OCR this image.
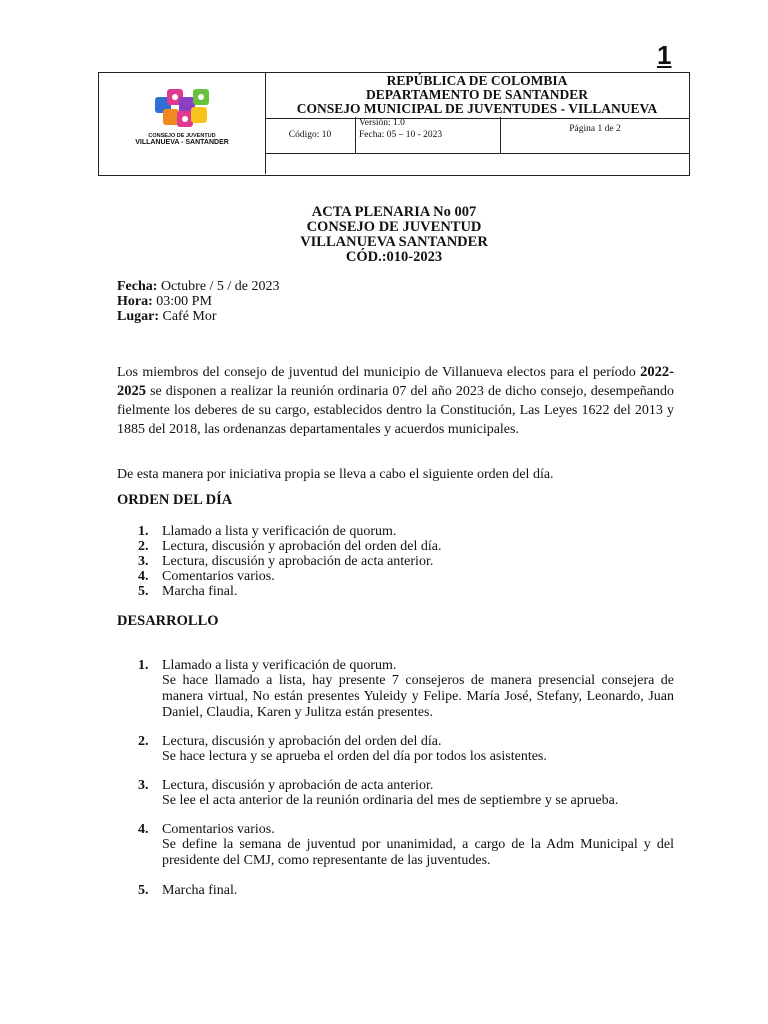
1
CONSEJO DE JUVENTUD
VILLANUEVA - SANTANDER
REPÚBLICA DE COLOMBIA
DEPARTAMENTO DE SANTANDER
CONSEJO MUNICIPAL DE JUVENTUDES - VILLANUEVA
Código: 10
Versión: 1.0
Fecha: 05 – 10 - 2023
Página 1 de 2
ACTA PLENARIA No 007
CONSEJO DE JUVENTUD
VILLANUEVA SANTANDER
CÓD.:010-2023
Fecha: Octubre / 5 / de 2023
Hora: 03:00 PM
Lugar: Café Mor
Los miembros del consejo de juventud del municipio de Villanueva electos para el período 2022-2025 se disponen a realizar la reunión ordinaria 07 del año 2023 de dicho consejo, desempeñando fielmente los deberes de su cargo, establecidos dentro la Constitución, Las Leyes 1622 del 2013 y 1885 del 2018, las ordenanzas departamentales y acuerdos municipales.
De esta manera por iniciativa propia se lleva a cabo el siguiente orden del día.
ORDEN DEL DÍA
1. Llamado a lista y verificación de quorum.
2. Lectura, discusión y aprobación del orden del día.
3. Lectura, discusión y aprobación de acta anterior.
4. Comentarios varios.
5. Marcha final.
DESARROLLO
1. Llamado a lista y verificación de quorum.
Se hace llamado a lista, hay presente 7 consejeros de manera presencial consejera de manera virtual, No están presentes Yuleidy y Felipe. María José, Stefany, Leonardo, Juan Daniel, Claudia, Karen y Julitza están presentes.
2. Lectura, discusión y aprobación del orden del día.
Se hace lectura y se aprueba el orden del día por todos los asistentes.
3. Lectura, discusión y aprobación de acta anterior.
Se lee el acta anterior de la reunión ordinaria del mes de septiembre y se aprueba.
4. Comentarios varios.
Se define la semana de juventud por unanimidad, a cargo de la Adm Municipal y del presidente del CMJ, como representante de las juventudes.
5. Marcha final.
